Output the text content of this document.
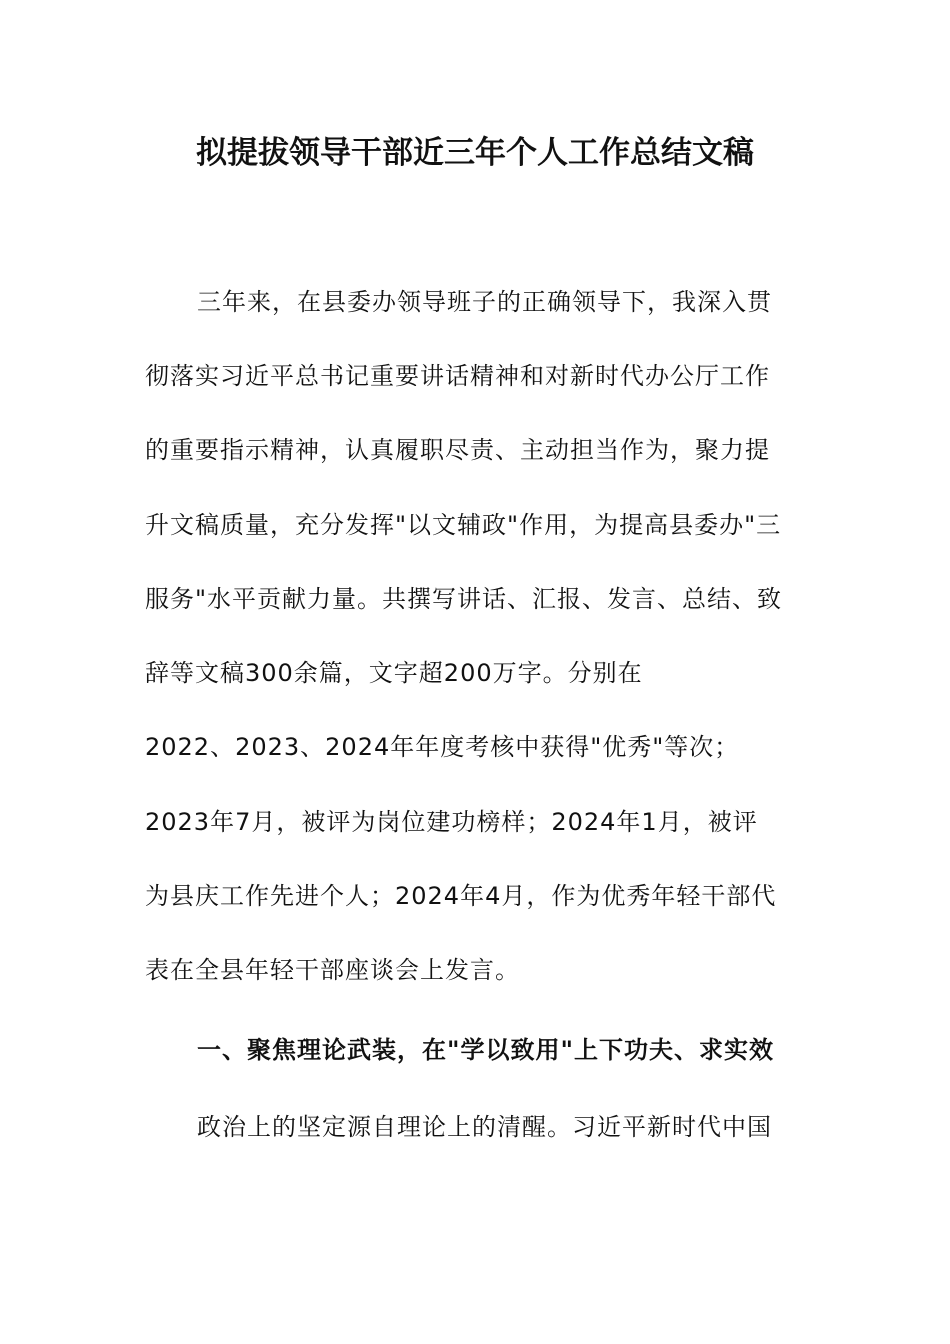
拟提拔领导干部近三年个人工作总结文稿

三年来，在县委办领导班子的正确领导下，我深入贯

彻落实习近平总书记重要讲话精神和对新时代办公厅工作

的重要指示精神，认真履职尽责、主动担当作为，聚力提

升文稿质量，充分发挥"以文辅政"作用，为提高县委办"三

服务"水平贡献力量。共撰写讲话、汇报、发言、总结、致

辞等文稿300余篇，文字超200万字。分别在

2022、2023、2024年年度考核中获得"优秀"等次；

2023年7月，被评为岗位建功榜样；2024年1月，被评

为县庆工作先进个人；2024年4月，作为优秀年轻干部代

表在全县年轻干部座谈会上发言。

一、聚焦理论武装，在"学以致用"上下功夫、求实效

政治上的坚定源自理论上的清醒。习近平新时代中国
